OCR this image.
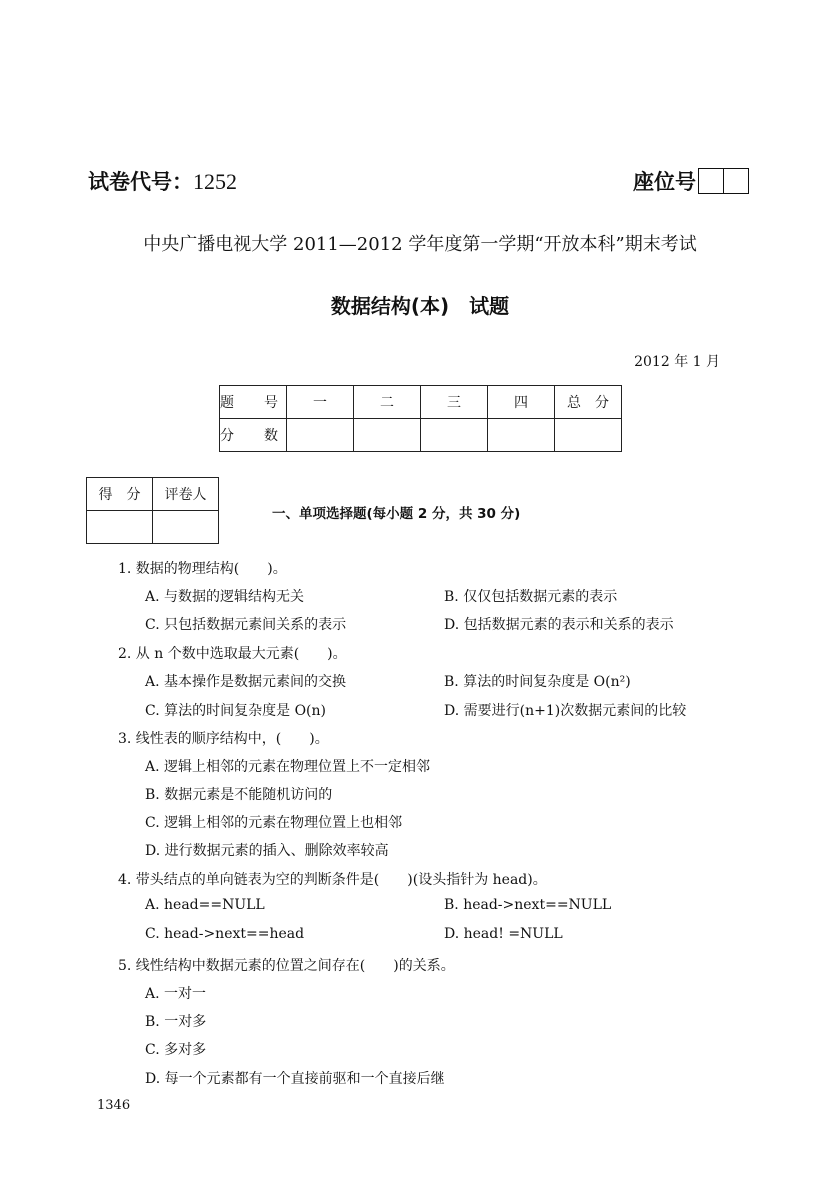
试卷代号：1252	座位号
中央广播电视大学 2011—2012 学年度第一学期“开放本科”期末考试
数据结构(本)　试题
2012 年 1 月
题　号	一	二	三	四	总　分
分　数					
得　分	评卷人

一、单项选择题(每小题 2 分，共 30 分)
1. 数据的物理结构(　　)。
A. 与数据的逻辑结构无关	B. 仅仅包括数据元素的表示
C. 只包括数据元素间关系的表示	D. 包括数据元素的表示和关系的表示
2. 从 n 个数中选取最大元素(　　)。
A. 基本操作是数据元素间的交换	B. 算法的时间复杂度是 O(n²)
C. 算法的时间复杂度是 O(n)	D. 需要进行(n+1)次数据元素间的比较
3. 线性表的顺序结构中，(　　)。
A. 逻辑上相邻的元素在物理位置上不一定相邻
B. 数据元素是不能随机访问的
C. 逻辑上相邻的元素在物理位置上也相邻
D. 进行数据元素的插入、删除效率较高
4. 带头结点的单向链表为空的判断条件是(　　)(设头指针为 head)。
A. head==NULL	B. head->next==NULL
C. head->next==head	D. head! =NULL
5. 线性结构中数据元素的位置之间存在(　　)的关系。
A. 一对一
B. 一对多
C. 多对多
D. 每一个元素都有一个直接前驱和一个直接后继
1346
